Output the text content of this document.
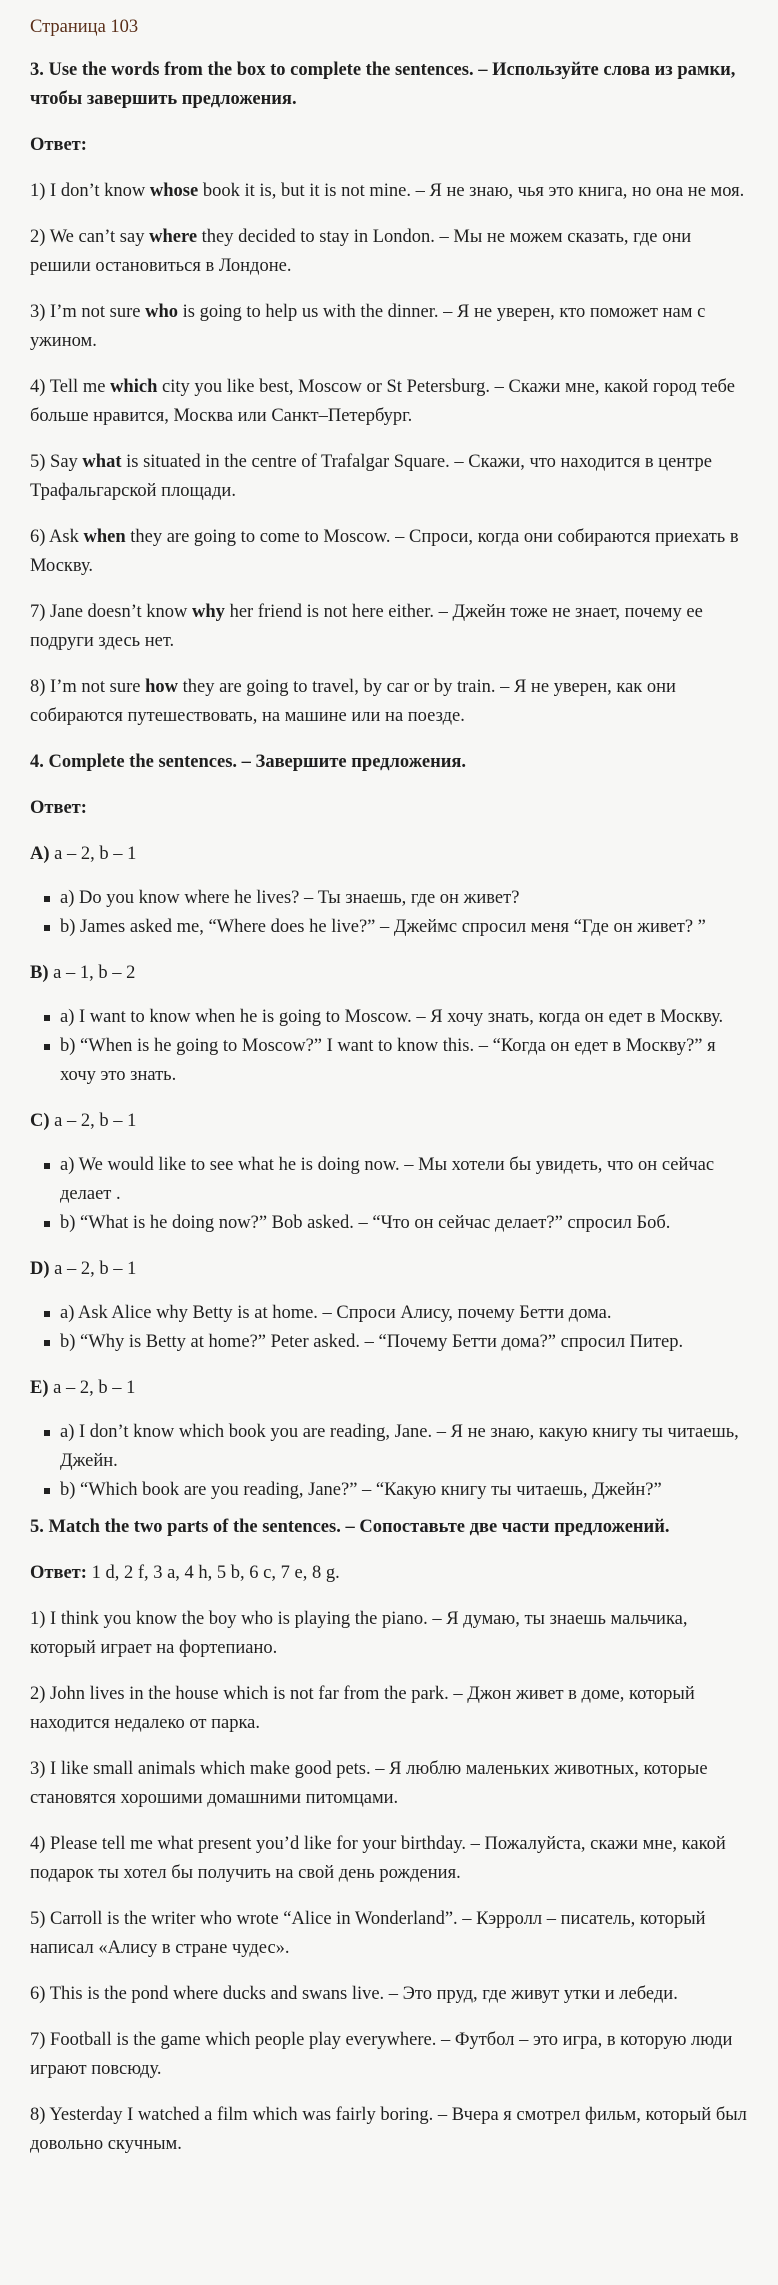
Страница 103

3. Use the words from the box to complete the sentences. – Используйте слова из рамки, чтобы завершить предложения.

Ответ:

1) I don’t know whose book it is, but it is not mine. – Я не знаю, чья это книга, но она не моя.

2) We can’t say where they decided to stay in London. – Мы не можем сказать, где они решили остановиться в Лондоне.

3) I’m not sure who is going to help us with the dinner. – Я не уверен, кто поможет нам с ужином.

4) Tell me which city you like best, Moscow or St Petersburg. – Скажи мне, какой город тебе больше нравится, Москва или Санкт–Петербург.

5) Say what is situated in the centre of Trafalgar Square. – Скажи, что находится в центре Трафальгарской площади.

6) Ask when they are going to come to Moscow. – Спроси, когда они собираются приехать в Москву.

7) Jane doesn’t know why her friend is not here either. – Джейн тоже не знает, почему ее подруги здесь нет.

8) I’m not sure how they are going to travel, by car or by train. – Я не уверен, как они собираются путешествовать, на машине или на поезде.

4. Complete the sentences. – Завершите предложения.

Ответ:

A) a – 2, b – 1

a) Do you know where he lives? – Ты знаешь, где он живет?
b) James asked me, “Where does he live?” – Джеймс спросил меня “Где он живет? ”

B) a – 1, b – 2

a) I want to know when he is going to Moscow. – Я хочу знать, когда он едет в Москву.
b) “When is he going to Moscow?” I want to know this. – “Когда он едет в Москву?” я хочу это знать.

C) a – 2, b – 1

a) We would like to see what he is doing now. – Мы хотели бы увидеть, что он сейчас делает .
b) “What is he doing now?” Bob asked. – “Что он сейчас делает?” спросил Боб.

D) a – 2, b – 1

a) Ask Alice why Betty is at home. – Спроси Алису, почему Бетти дома.
b) “Why is Betty at home?” Peter asked. – “Почему Бетти дома?” спросил Питер.

E) a – 2, b – 1

a) I don’t know which book you are reading, Jane. – Я не знаю, какую книгу ты читаешь, Джейн.
b) “Which book are you reading, Jane?” – “Какую книгу ты читаешь, Джейн?”

5. Match the two parts of the sentences. – Сопоставьте две части предложений.

Ответ: 1 d, 2 f, 3 a, 4 h, 5 b, 6 c, 7 e, 8 g.

1) I think you know the boy who is playing the piano. – Я думаю, ты знаешь мальчика, который играет на фортепиано.

2) John lives in the house which is not far from the park. – Джон живет в доме, который находится недалеко от парка.

3) I like small animals which make good pets. – Я люблю маленьких животных, которые становятся хорошими домашними питомцами.

4) Please tell me what present you’d like for your birthday. – Пожалуйста, скажи мне, какой подарок ты хотел бы получить на свой день рождения.

5) Carroll is the writer who wrote “Alice in Wonderland”. – Кэрролл – писатель, который написал «Алису в стране чудес».

6) This is the pond where ducks and swans live. – Это пруд, где живут утки и лебеди.

7) Football is the game which people play everywhere. – Футбол – это игра, в которую люди играют повсюду.

8) Yesterday I watched a film which was fairly boring. – Вчера я смотрел фильм, который был довольно скучным.
